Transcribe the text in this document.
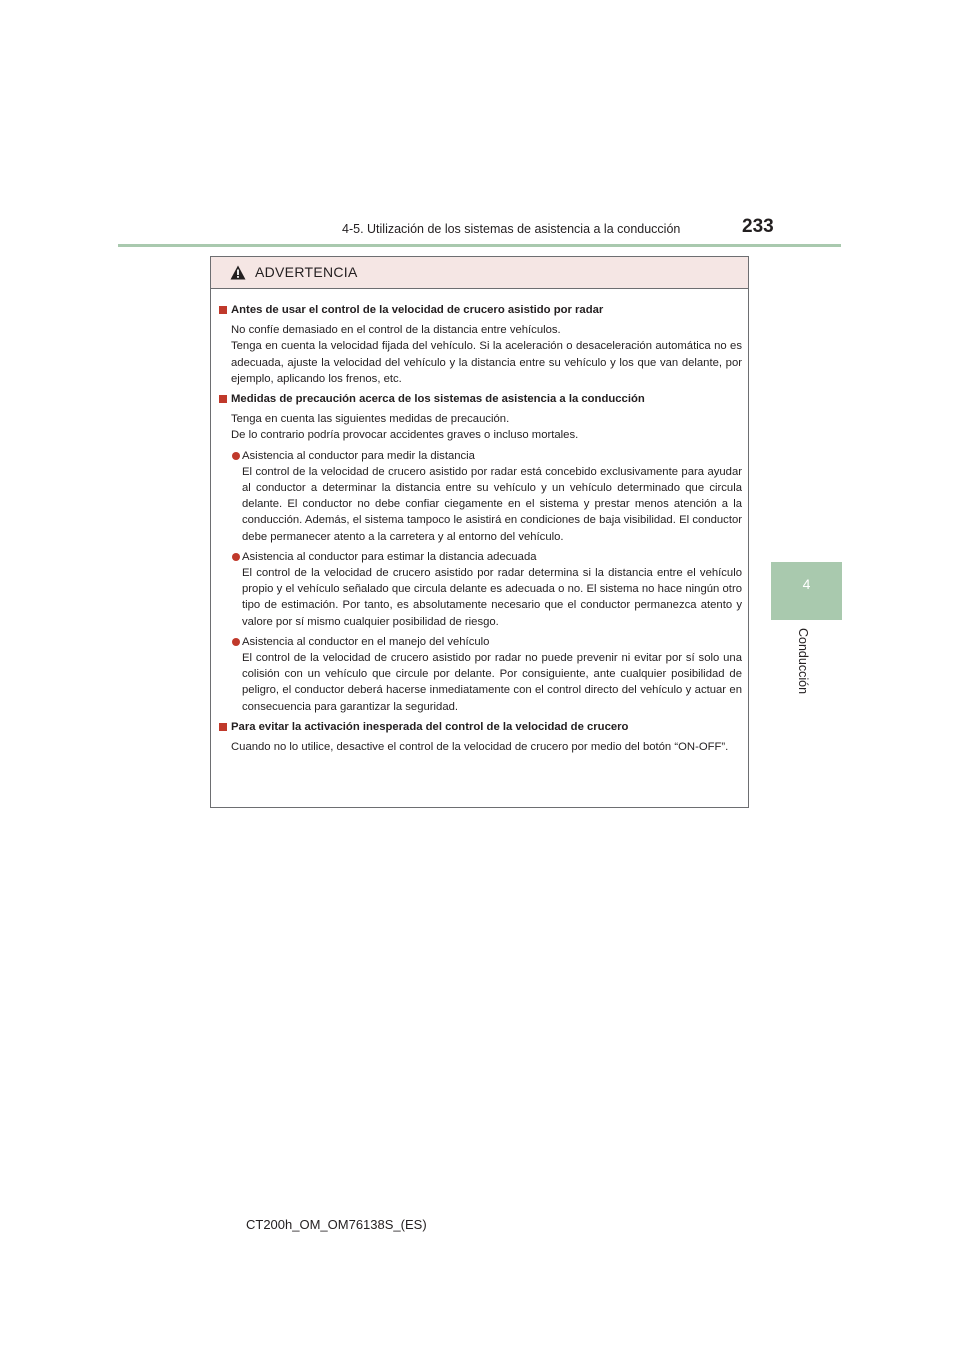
4-5. Utilización de los sistemas de asistencia a la conducción	233
4
Conducción
ADVERTENCIA
Antes de usar el control de la velocidad de crucero asistido por radar
No confíe demasiado en el control de la distancia entre vehículos.
Tenga en cuenta la velocidad fijada del vehículo. Si la aceleración o desaceleración automática no es adecuada, ajuste la velocidad del vehículo y la distancia entre su vehículo y los que van delante, por ejemplo, aplicando los frenos, etc.
Medidas de precaución acerca de los sistemas de asistencia a la conducción
Tenga en cuenta las siguientes medidas de precaución.
De lo contrario podría provocar accidentes graves o incluso mortales.
Asistencia al conductor para medir la distancia
El control de la velocidad de crucero asistido por radar está concebido exclusivamente para ayudar al conductor a determinar la distancia entre su vehículo y un vehículo determinado que circula delante. El conductor no debe confiar ciegamente en el sistema y prestar menos atención a la conducción. Además, el sistema tampoco le asistirá en condiciones de baja visibilidad. El conductor debe permanecer atento a la carretera y al entorno del vehículo.
Asistencia al conductor para estimar la distancia adecuada
El control de la velocidad de crucero asistido por radar determina si la distancia entre el vehículo propio y el vehículo señalado que circula delante es adecuada o no. El sistema no hace ningún otro tipo de estimación. Por tanto, es absolutamente necesario que el conductor permanezca atento y valore por sí mismo cualquier posibilidad de riesgo.
Asistencia al conductor en el manejo del vehículo
El control de la velocidad de crucero asistido por radar no puede prevenir ni evitar por sí solo una colisión con un vehículo que circule por delante. Por consiguiente, ante cualquier posibilidad de peligro, el conductor deberá hacerse inmediatamente con el control directo del vehículo y actuar en consecuencia para garantizar la seguridad.
Para evitar la activación inesperada del control de la velocidad de crucero
Cuando no lo utilice, desactive el control de la velocidad de crucero por medio del botón “ON-OFF”.
CT200h_OM_OM76138S_(ES)
